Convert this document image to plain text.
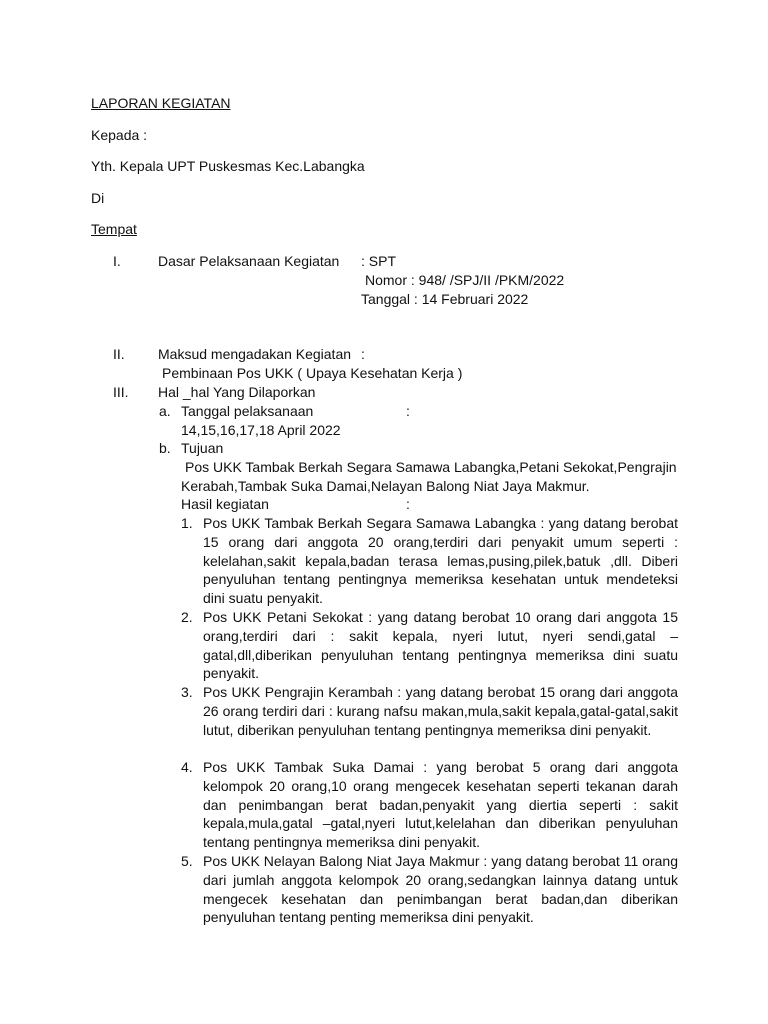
LAPORAN KEGIATAN
Kepada :
Yth. Kepala UPT Puskesmas Kec.Labangka
Di
Tempat
I.	Dasar Pelaksanaan Kegiatan : SPT
Nomor : 948/ /SPJ/II /PKM/2022
Tanggal : 14 Februari 2022
II. Maksud mengadakan Kegiatan :
Pembinaan Pos UKK ( Upaya Kesehatan Kerja )
III. Hal _hal Yang Dilaporkan
a. Tanggal pelaksanaan	:
14,15,16,17,18 April 2022
b. Tujuan
Pos UKK Tambak Berkah Segara Samawa Labangka,Petani Sekokat,Pengrajin
Kerabah,Tambak Suka Damai,Nelayan Balong Niat Jaya Makmur.
Hasil kegiatan	:
1. Pos UKK Tambak Berkah Segara Samawa Labangka : yang datang berobat 15 orang dari anggota 20 orang,terdiri dari penyakit umum seperti : kelelahan,sakit kepala,badan terasa lemas,pusing,pilek,batuk ,dll. Diberi penyuluhan tentang pentingnya memeriksa kesehatan untuk mendeteksi dini suatu penyakit.
2. Pos UKK Petani Sekokat : yang datang berobat 10 orang dari anggota 15 orang,terdiri dari : sakit kepala, nyeri lutut, nyeri sendi,gatal – gatal,dll,diberikan penyuluhan tentang pentingnya memeriksa dini suatu penyakit.
3. Pos UKK Pengrajin Kerambah : yang datang berobat 15 orang dari anggota 26 orang terdiri dari : kurang nafsu makan,mula,sakit kepala,gatal-gatal,sakit lutut, diberikan penyuluhan tentang pentingnya memeriksa dini penyakit.
4. Pos UKK Tambak Suka Damai : yang berobat 5 orang dari anggota kelompok 20 orang,10 orang mengecek kesehatan seperti tekanan darah dan penimbangan berat badan,penyakit yang diertia seperti : sakit kepala,mula,gatal –gatal,nyeri lutut,kelelahan dan diberikan penyuluhan tentang pentingnya memeriksa dini penyakit.
5. Pos UKK Nelayan Balong Niat Jaya Makmur : yang datang berobat 11 orang dari jumlah anggota kelompok 20 orang,sedangkan lainnya datang untuk mengecek kesehatan dan penimbangan berat badan,dan diberikan penyuluhan tentang penting memeriksa dini penyakit.
